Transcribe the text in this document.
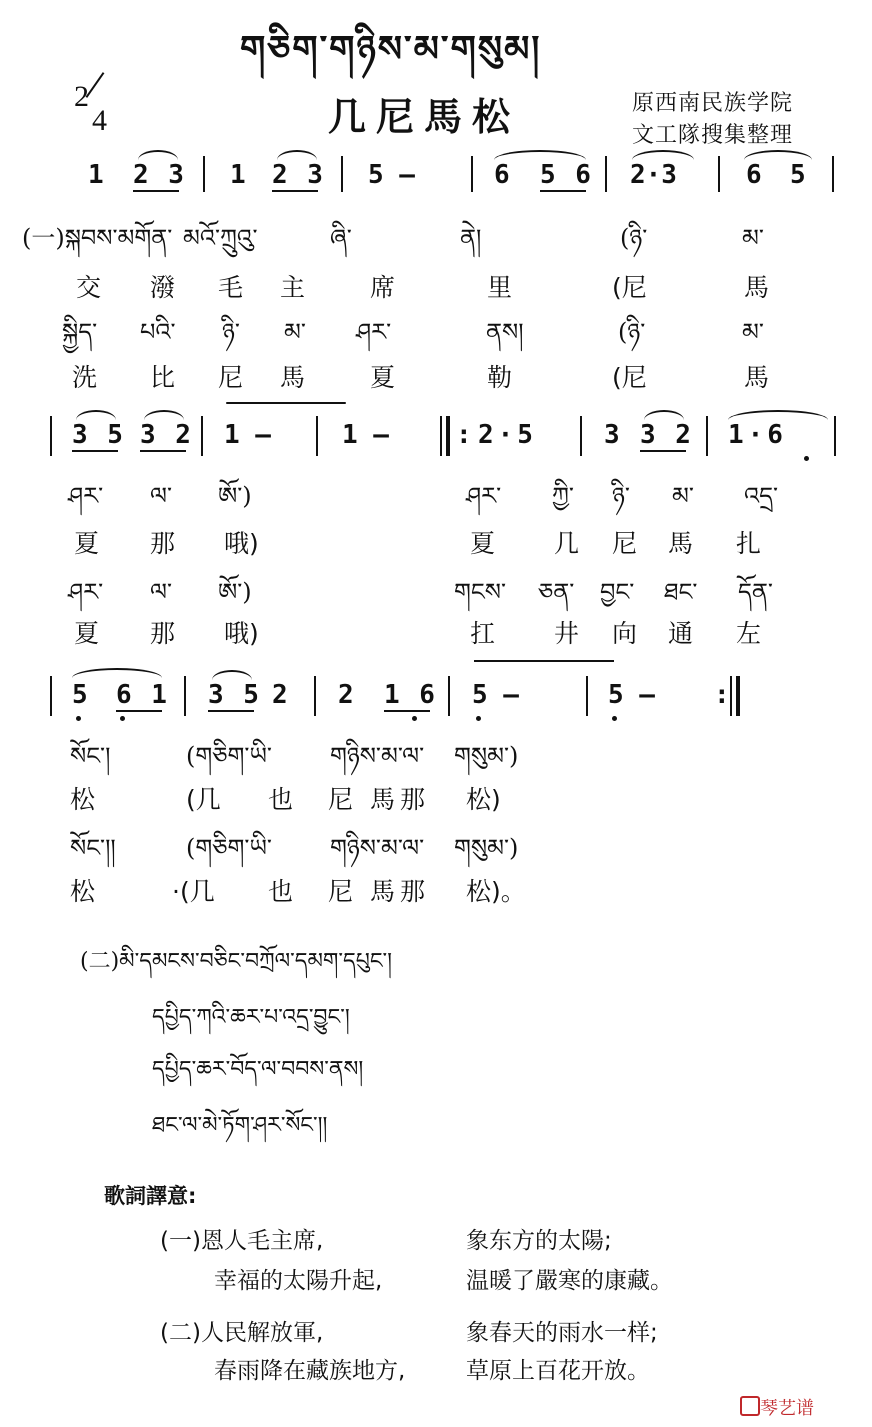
གཅིག་གཉིས་མ་གསུམ།
2
4	几尼馬松	原西南民族学院
文工隊搜集整理
1 2 3 1 2 3 5 —	6 5 6 2·3	6 5
(一)སྐབས་མགོན་ མའོ་ཀྲུའུ་	ཞི་	ནེ།	(ཉི་	མ་
交 潑 毛 主	席	里	(尼	馬
སྐྱིད་ པའི་ ཉི་ མ་ ཤར་	ནས།	(ཉི་	མ་
洗 比 尼 馬	夏	勒	(尼	馬
3 5 3 2 1 —	1 —	: 2·5	3 3 2 1·6
ཤར་ ལ་ ཨོ་)	ཤར་ ཀྱི་ ཉི་ མ་ འདྲ་
夏 那 哦)	夏 几 尼 馬 扎
ཤར་ ལ་ ཨོ་)	གངས་ ཅན་ བྱང་ ཐང་ དོན་
夏 那 哦)	扛 井 向 通 左
5 6 1 3 5 2 2 1 6 5 —	5 — :
སོང་།	(གཅིག་ཡི་ གཉིས་མ་ལ་ གསུམ་)
松	(几 也 尼 馬 那 松)
སོང་།།	(གཅིག་ཡི་ གཉིས་མ་ལ་ གསུམ་)
松	·(几 也 尼 馬 那 松)。
(二)མི་དམངས་བཅིང་བཀྲོལ་དམག་དཔུང་།
དཔྱིད་ཀའི་ཆར་པ་འདྲ་བྱུང་།
དཔྱིད་ཆར་བོད་ལ་བབས་ནས།
ཐང་ལ་མེ་ཏོག་ཤར་སོང་།།
歌詞譯意:
(一)恩人毛主席,	象东方的太陽;
幸福的太陽升起,	温暖了嚴寒的康藏。
(二)人民解放軍,	象春天的雨水一样;
春雨降在藏族地方,	草原上百花开放。
琴艺谱
